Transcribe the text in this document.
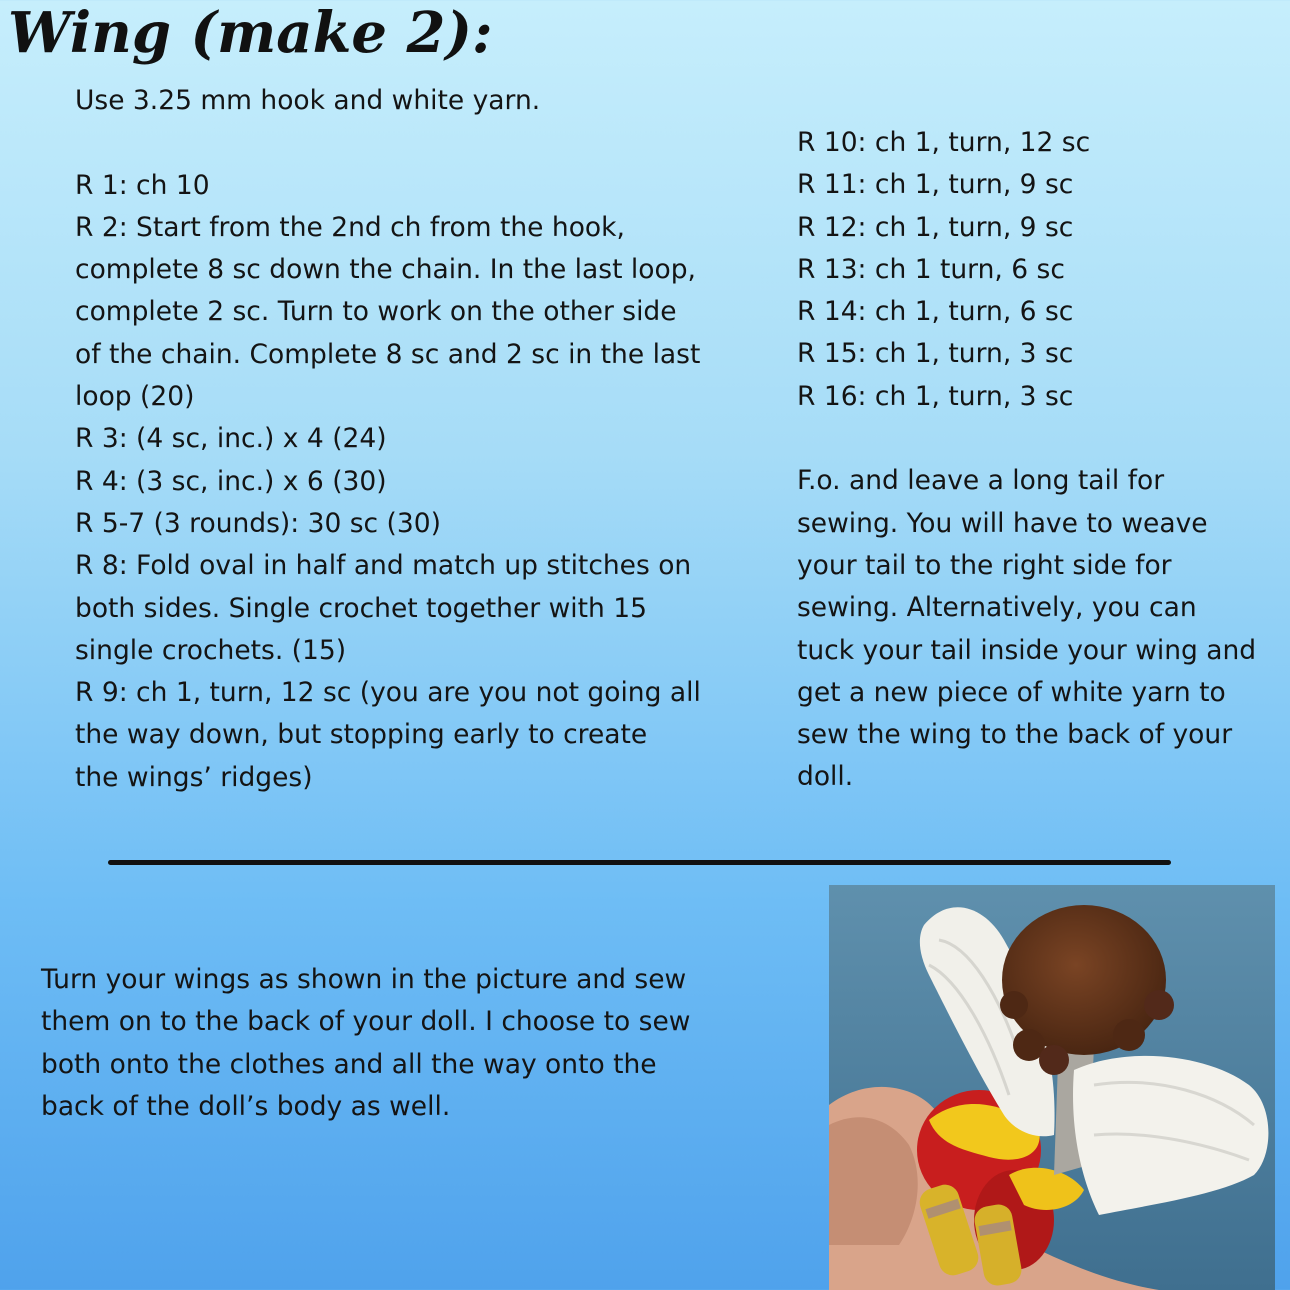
Wing (make 2):
Use 3.25 mm hook and white yarn.

R 1: ch 10
R 2: Start from the 2nd ch from the hook,
complete 8 sc down the chain. In the last loop,
complete 2 sc. Turn to work on the other side
of the chain. Complete 8 sc and 2 sc in the last
loop (20)
R 3: (4 sc, inc.) x 4 (24)
R 4: (3 sc, inc.) x 6 (30)
R 5-7 (3 rounds): 30 sc (30)
R 8: Fold oval in half and match up stitches on
both sides. Single crochet together with 15
single crochets. (15)
R 9: ch 1, turn, 12 sc (you are you not going all
the way down, but stopping early to create
the wings’ ridges)
R 10: ch 1, turn, 12 sc
R 11: ch 1, turn, 9 sc
R 12: ch 1, turn, 9 sc
R 13: ch 1 turn, 6 sc
R 14: ch 1, turn, 6 sc
R 15: ch 1, turn, 3 sc
R 16: ch 1, turn, 3 sc

F.o. and leave a long tail for
sewing. You will have to weave
your tail to the right side for
sewing. Alternatively, you can
tuck your tail inside your wing and
get a new piece of white yarn to
sew the wing to the back of your
doll.
Turn your wings as shown in the picture and sew them on to the back of your doll. I choose to sew both onto the clothes and all the way onto the back of the doll’s body as well.
